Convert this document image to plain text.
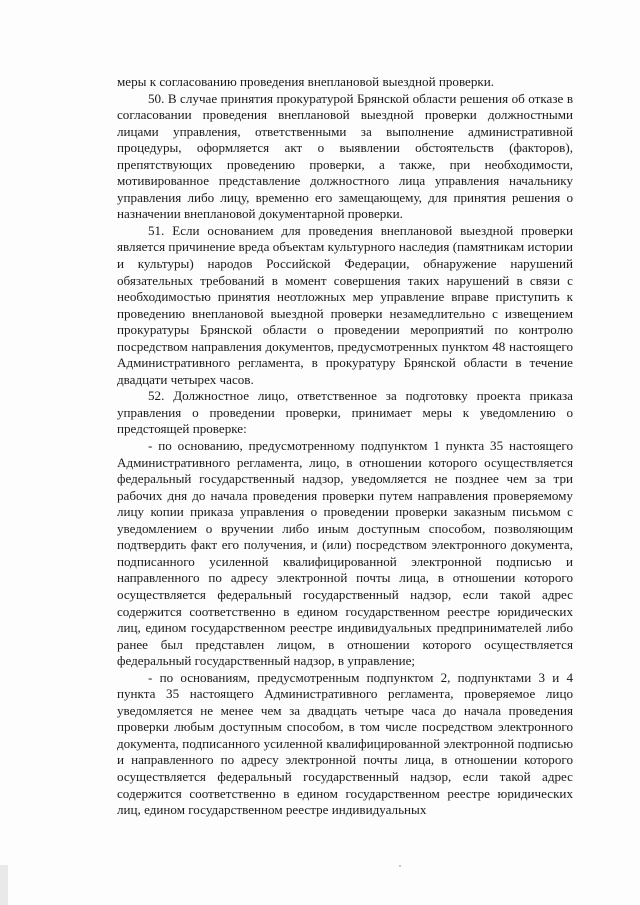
меры к согласованию проведения внеплановой выездной проверки.

50. В случае принятия прокуратурой Брянской области решения об отказе в согласовании проведения внеплановой выездной проверки должностными лицами управления, ответственными за выполнение административной процедуры, оформляется акт о выявлении обстоятельств (факторов), препятствующих проведению проверки, а также, при необходимости, мотивированное представление должностного лица управления начальнику управления либо лицу, временно его замещающему, для принятия решения о назначении внеплановой документарной проверки.

51. Если основанием для проведения внеплановой выездной проверки является причинение вреда объектам культурного наследия (памятникам истории и культуры) народов Российской Федерации, обнаружение нарушений обязательных требований в момент совершения таких нарушений в связи с необходимостью принятия неотложных мер управление вправе приступить к проведению внеплановой выездной проверки незамедлительно с извещением прокуратуры Брянской области о проведении мероприятий по контролю посредством направления документов, предусмотренных пунктом 48 настоящего Административного регламента, в прокуратуру Брянской области в течение двадцати четырех часов.

52. Должностное лицо, ответственное за подготовку проекта приказа управления о проведении проверки, принимает меры к уведомлению о предстоящей проверке:

- по основанию, предусмотренному подпунктом 1 пункта 35 настоящего Административного регламента, лицо, в отношении которого осуществляется федеральный государственный надзор, уведомляется не позднее чем за три рабочих дня до начала проведения проверки путем направления проверяемому лицу копии приказа управления о проведении проверки заказным письмом с уведомлением о вручении либо иным доступным способом, позволяющим подтвердить факт его получения, и (или) посредством электронного документа, подписанного усиленной квалифицированной электронной подписью и направленного по адресу электронной почты лица, в отношении которого осуществляется федеральный государственный надзор, если такой адрес содержится соответственно в едином государственном реестре юридических лиц, едином государственном реестре индивидуальных предпринимателей либо ранее был представлен лицом, в отношении которого осуществляется федеральный государственный надзор, в управление;

- по основаниям, предусмотренным подпунктом 2, подпунктами 3 и 4 пункта 35 настоящего Административного регламента, проверяемое лицо уведомляется не менее чем за двадцать четыре часа до начала проведения проверки любым доступным способом, в том числе посредством электронного документа, подписанного усиленной квалифицированной электронной подписью и направленного по адресу электронной почты лица, в отношении которого осуществляется федеральный государственный надзор, если такой адрес содержится соответственно в едином государственном реестре юридических лиц, едином государственном реестре индивидуальных
